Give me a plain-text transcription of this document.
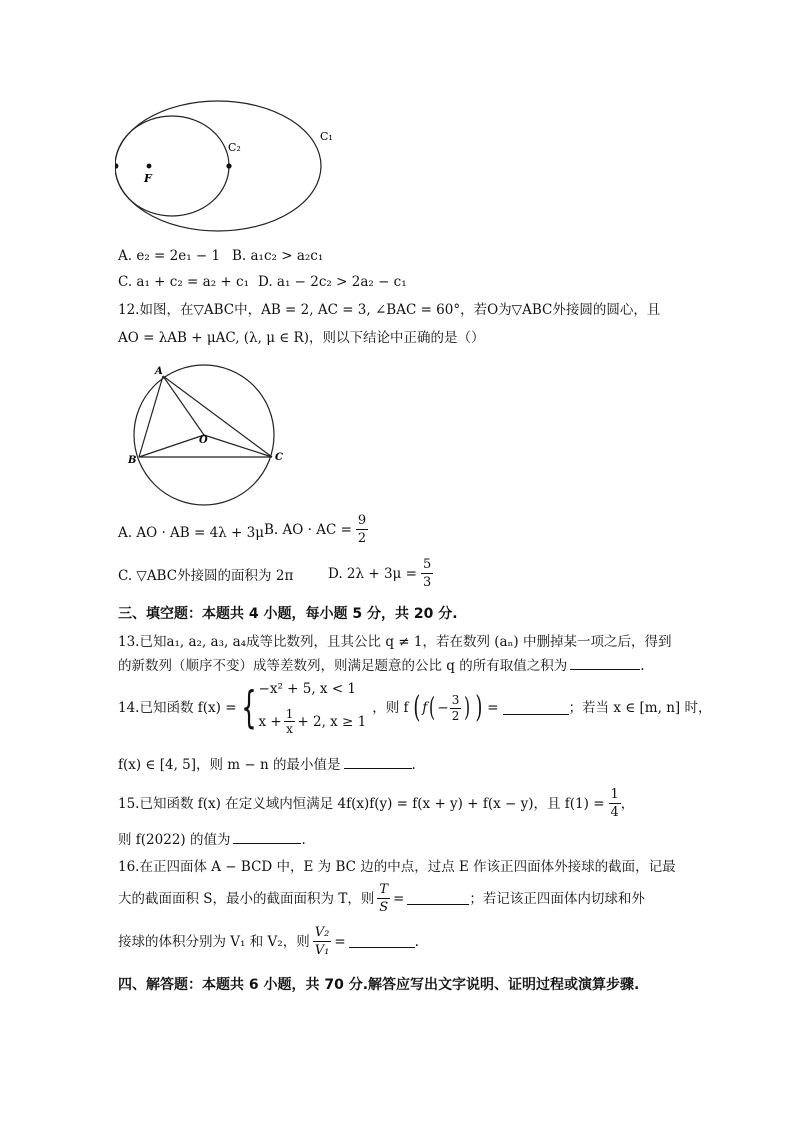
C₁
C₂
F
A. e₂ = 2e₁ − 1 B. a₁c₂ > a₂c₁
C. a₁ + c₂ = a₂ + c₁ D. a₁ − 2c₂ > 2a₂ − c₁
12.如图，在▽ABC中，AB = 2, AC = 3, ∠BAC = 60°，若O为▽ABC外接圆的圆心，且
AO = λAB + μAC, (λ, μ ∈ R)，则以下结论中正确的是（）
A
B	C
O
A. AO · AB = 4λ + 3μ B. AO · AC = $\frac{9}{2}$
C. ▽ABC外接圆的面积为 2π	D. $2\lambda + 3\mu = \frac{5}{3}$
三、填空题：本题共 4 小题，每小题 5 分，共 20 分.
13.已知a₁, a₂, a₃, a₄成等比数列，且其公比 q ≠ 1，若在数列 (aₙ) 中删掉某一项之后，得到
的新数列（顺序不变）成等差数列，则满足题意的公比 q 的所有取值之积为	.
14.已知函数 f(x) = { −x² + 5, x < 1
$x + \frac{1}{x} + 2$, x ≥ 1
，则 f ( f ( − $\frac{3}{2}$ ) ) =	；若当 x ∈ [m, n] 时，
f(x) ∈ [4, 5]，则 m − n 的最小值是	.
15.已知函数 f(x) 在定义域内恒满足 4f(x)f(y) = f(x + y) + f(x − y)，且 $f(1) = \frac{1}{4}$ ，
则 f(2022) 的值为	.
16.在正四面体 A − BCD 中，E 为 BC 边的中点，过点 E 作该正四面体外接球的截面，记最
大的截面面积 S，最小的截面面积为 T，则 $\frac{T}{S}$ =	；若记该正四面体内切球和外
接球的体积分别为 V₁ 和 V₂，则 $\frac{\text{V₂}}{\text{V₁}}$ =	.
四、解答题：本题共 6 小题，共 70 分.解答应写出文字说明、证明过程或演算步骤.
